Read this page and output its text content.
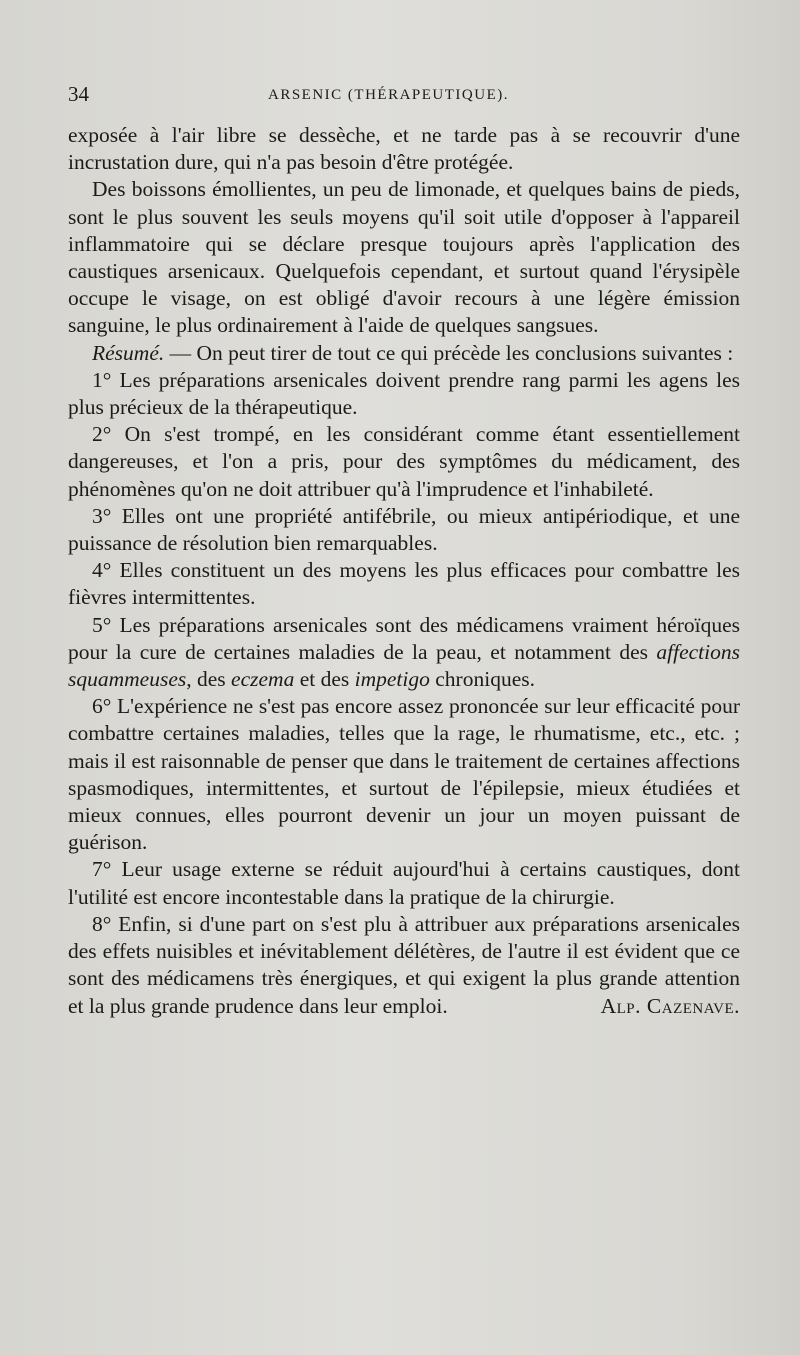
34	ARSENIC (THÉRAPEUTIQUE).

exposée à l'air libre se dessèche, et ne tarde pas à se recouvrir d'une incrustation dure, qui n'a pas besoin d'être protégée.

Des boissons émollientes, un peu de limonade, et quelques bains de pieds, sont le plus souvent les seuls moyens qu'il soit utile d'opposer à l'appareil inflammatoire qui se déclare presque toujours après l'application des caustiques arsenicaux. Quelquefois cependant, et surtout quand l'érysipèle occupe le visage, on est obligé d'avoir recours à une légère émission sanguine, le plus ordinairement à l'aide de quelques sangsues.

Résumé. — On peut tirer de tout ce qui précède les conclusions suivantes :

1° Les préparations arsenicales doivent prendre rang parmi les agens les plus précieux de la thérapeutique.

2° On s'est trompé, en les considérant comme étant essentiellement dangereuses, et l'on a pris, pour des symptômes du médicament, des phénomènes qu'on ne doit attribuer qu'à l'imprudence et l'inhabileté.

3° Elles ont une propriété antifébrile, ou mieux antipériodique, et une puissance de résolution bien remarquables.

4° Elles constituent un des moyens les plus efficaces pour combattre les fièvres intermittentes.

5° Les préparations arsenicales sont des médicamens vraiment héroïques pour la cure de certaines maladies de la peau, et notamment des affections squammeuses, des eczema et des impetigo chroniques.

6° L'expérience ne s'est pas encore assez prononcée sur leur efficacité pour combattre certaines maladies, telles que la rage, le rhumatisme, etc., etc. ; mais il est raisonnable de penser que dans le traitement de certaines affections spasmodiques, intermittentes, et surtout de l'épilepsie, mieux étudiées et mieux connues, elles pourront devenir un jour un moyen puissant de guérison.

7° Leur usage externe se réduit aujourd'hui à certains caustiques, dont l'utilité est encore incontestable dans la pratique de la chirurgie.

8° Enfin, si d'une part on s'est plu à attribuer aux préparations arsenicales des effets nuisibles et inévitablement délétères, de l'autre il est évident que ce sont des médicamens très énergiques, et qui exigent la plus grande attention et la plus grande prudence dans leur emploi.	Alp. Cazenave.
